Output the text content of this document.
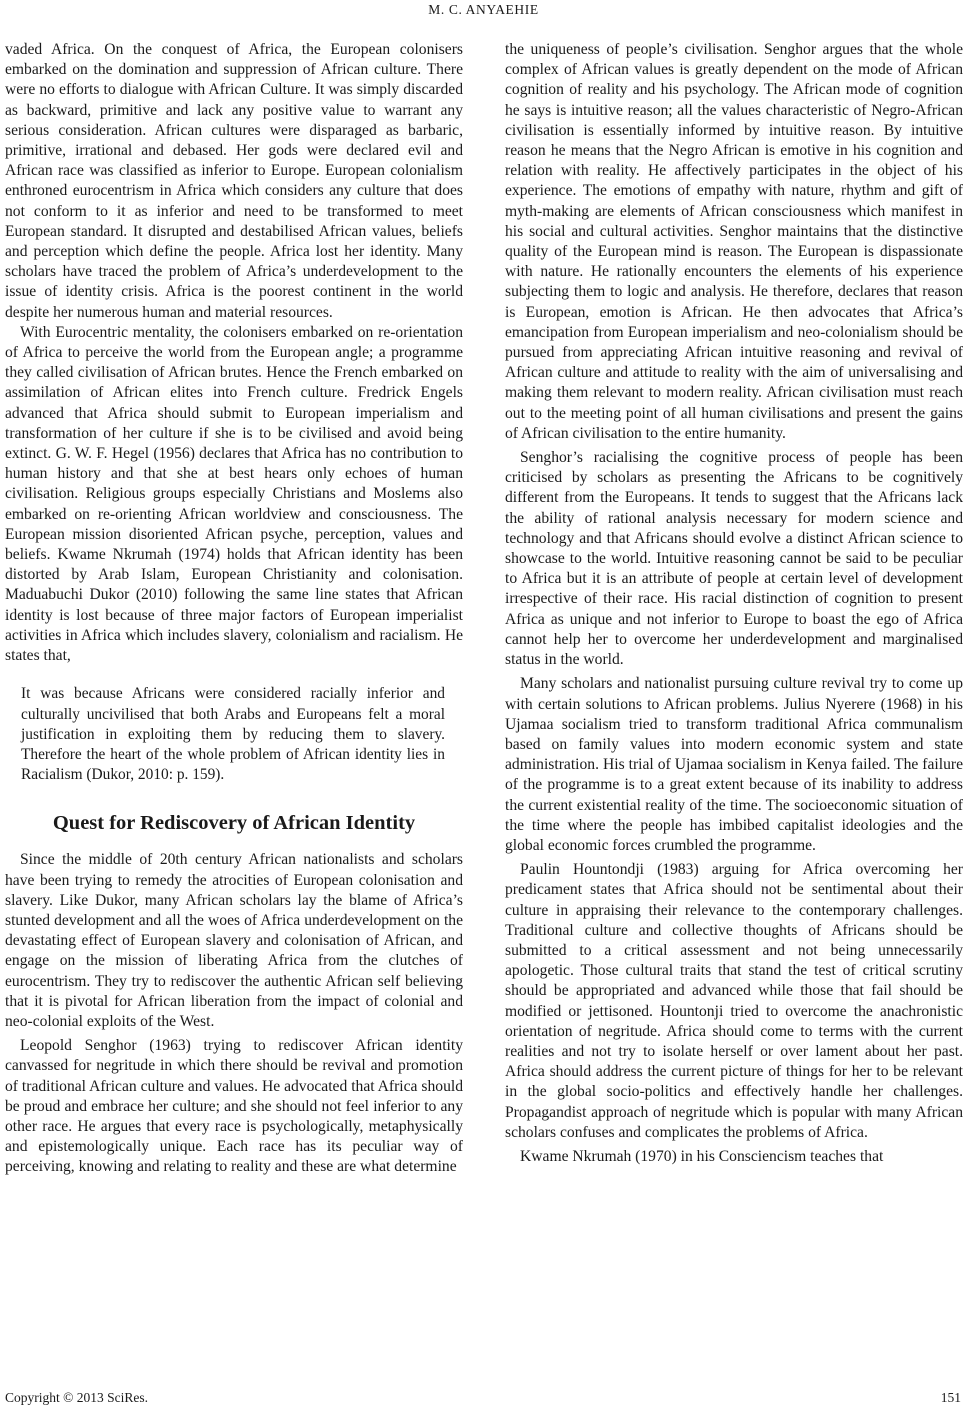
M. C. ANYAEHIE

vaded Africa. On the conquest of Africa, the European colonisers embarked on the domination and suppression of African culture. There were no efforts to dialogue with African Culture. It was simply discarded as backward, primitive and lack any positive value to warrant any serious consideration. African cultures were disparaged as barbaric, primitive, irrational and debased. Her gods were declared evil and African race was classified as inferior to Europe. European colonialism enthroned eurocentrism in Africa which considers any culture that does not conform to it as inferior and need to be transformed to meet European standard. It disrupted and destabilised African values, beliefs and perception which define the people. Africa lost her identity. Many scholars have traced the problem of Africa’s underdevelopment to the issue of identity crisis. Africa is the poorest continent in the world despite her numerous human and material resources.

With Eurocentric mentality, the colonisers embarked on re-orientation of Africa to perceive the world from the European angle; a programme they called civilisation of African brutes. Hence the French embarked on assimilation of African elites into French culture. Fredrick Engels advanced that Africa should submit to European imperialism and transformation of her culture if she is to be civilised and avoid being extinct. G. W. F. Hegel (1956) declares that Africa has no contribution to human history and that she at best hears only echoes of human civilisation. Religious groups especially Christians and Moslems also embarked on re-orienting African worldview and consciousness. The European mission disoriented African psyche, perception, values and beliefs. Kwame Nkrumah (1974) holds that African identity has been distorted by Arab Islam, European Christianity and colonisation. Maduabuchi Dukor (2010) following the same line states that African identity is lost because of three major factors of European imperialist activities in Africa which includes slavery, colonialism and racialism. He states that,

It was because Africans were considered racially inferior and culturally uncivilised that both Arabs and Europeans felt a moral justification in exploiting them by reducing them to slavery. Therefore the heart of the whole problem of African identity lies in Racialism (Dukor, 2010: p. 159).

Quest for Rediscovery of African Identity

Since the middle of 20th century African nationalists and scholars have been trying to remedy the atrocities of European colonisation and slavery. Like Dukor, many African scholars lay the blame of Africa’s stunted development and all the woes of Africa underdevelopment on the devastating effect of European slavery and colonisation of African, and engage on the mission of liberating Africa from the clutches of eurocentrism. They try to rediscover the authentic African self believing that it is pivotal for African liberation from the impact of colonial and neo-colonial exploits of the West.

Leopold Senghor (1963) trying to rediscover African identity canvassed for negritude in which there should be revival and promotion of traditional African culture and values. He advocated that Africa should be proud and embrace her culture; and she should not feel inferior to any other race. He argues that every race is psychologically, metaphysically and epistemologically unique. Each race has its peculiar way of perceiving, knowing and relating to reality and these are what determine

the uniqueness of people’s civilisation. Senghor argues that the whole complex of African values is greatly dependent on the mode of African cognition of reality and his psychology. The African mode of cognition he says is intuitive reason; all the values characteristic of Negro-African civilisation is essentially informed by intuitive reason. By intuitive reason he means that the Negro African is emotive in his cognition and relation with reality. He affectively participates in the object of his experience. The emotions of empathy with nature, rhythm and gift of myth-making are elements of African consciousness which manifest in his social and cultural activities. Senghor maintains that the distinctive quality of the European mind is reason. The European is dispassionate with nature. He rationally encounters the elements of his experience subjecting them to logic and analysis. He therefore, declares that reason is European, emotion is African. He then advocates that Africa’s emancipation from European imperialism and neo-colonialism should be pursued from appreciating African intuitive reasoning and revival of African culture and attitude to reality with the aim of universalising and making them relevant to modern reality. African civilisation must reach out to the meeting point of all human civilisations and present the gains of African civilisation to the entire humanity.

Senghor’s racialising the cognitive process of people has been criticised by scholars as presenting the Africans to be cognitively different from the Europeans. It tends to suggest that the Africans lack the ability of rational analysis necessary for modern science and technology and that Africans should evolve a distinct African science to showcase to the world. Intuitive reasoning cannot be said to be peculiar to Africa but it is an attribute of people at certain level of development irrespective of their race. His racial distinction of cognition to present Africa as unique and not inferior to Europe to boast the ego of Africa cannot help her to overcome her underdevelopment and marginalised status in the world.

Many scholars and nationalist pursuing culture revival try to come up with certain solutions to African problems. Julius Nyerere (1968) in his Ujamaa socialism tried to transform traditional Africa communalism based on family values into modern economic system and state administration. His trial of Ujamaa socialism in Kenya failed. The failure of the programme is to a great extent because of its inability to address the current existential reality of the time. The socioeconomic situation of the time where the people has imbibed capitalist ideologies and the global economic forces crumbled the programme.

Paulin Hountondji (1983) arguing for Africa overcoming her predicament states that Africa should not be sentimental about their culture in appraising their relevance to the contemporary challenges. Traditional culture and collective thoughts of Africans should be submitted to a critical assessment and not being unnecessarily apologetic. Those cultural traits that stand the test of critical scrutiny should be appropriated and advanced while those that fail should be modified or jettisoned. Hountonji tried to overcome the anachronistic orientation of negritude. Africa should come to terms with the current realities and not try to isolate herself or over lament about her past. Africa should address the current picture of things for her to be relevant in the global socio-politics and effectively handle her challenges. Propagandist approach of negritude which is popular with many African scholars confuses and complicates the problems of Africa.

Kwame Nkrumah (1970) in his Consciencism teaches that

Copyright © 2013 SciRes.	151
